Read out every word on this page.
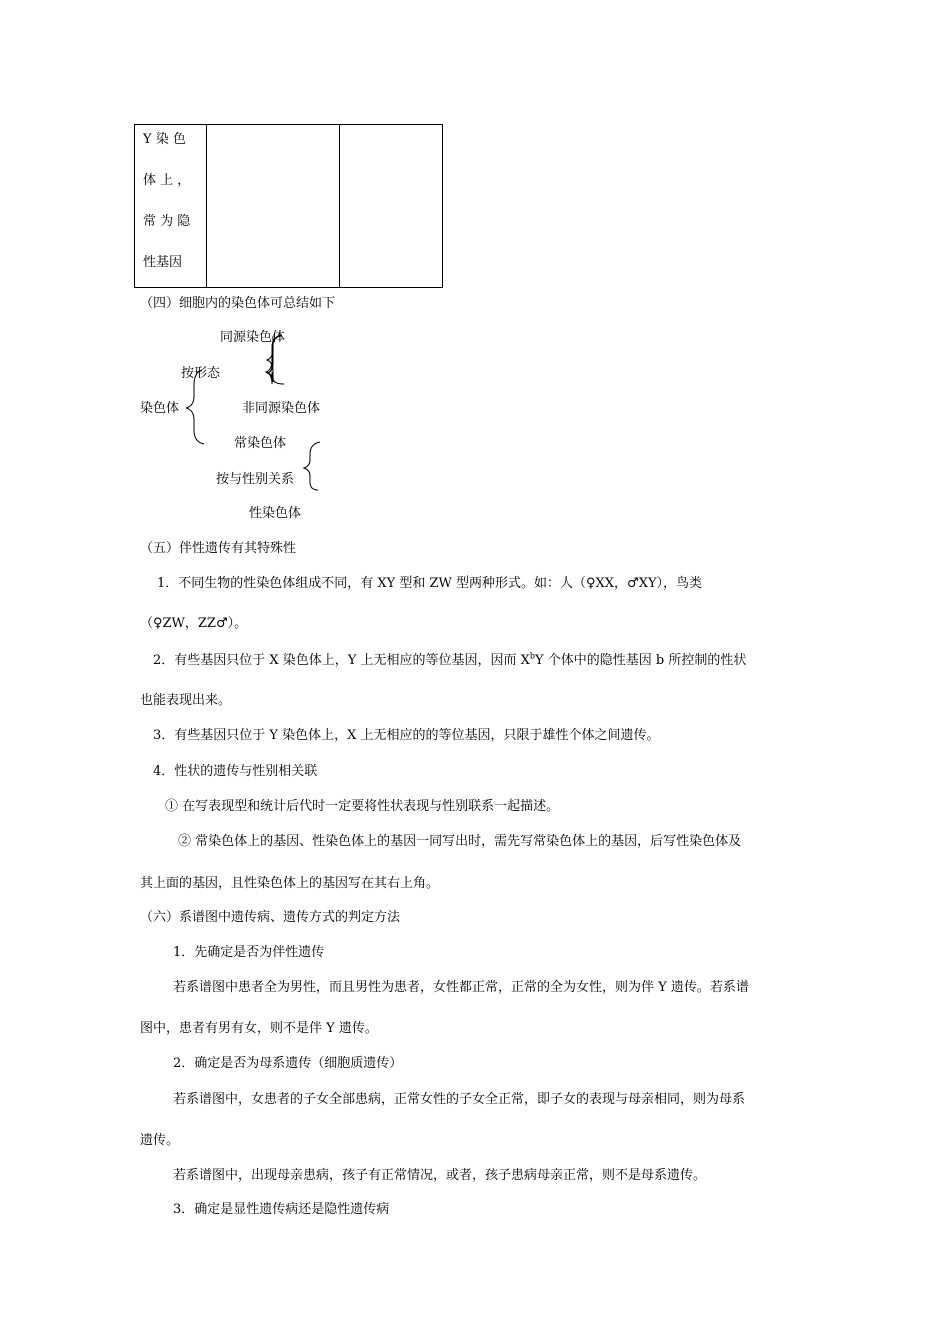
Y 染 色
体 上 ，
常 为 隐
性基因

（四）细胞内的染色体可总结如下
同源染色体
按形态
染色体	非同源染色体
常染色体
按与性别关系
性染色体
（五）伴性遗传有其特殊性
1．不同生物的性染色体组成不同，有 XY 型和 ZW 型两种形式。如：人（♀XX，♂XY），鸟类
（♀ZW，ZZ♂）。
2．有些基因只位于 X 染色体上，Y 上无相应的等位基因，因而 $X^bY$ 个体中的隐性基因 b 所控制的性状
也能表现出来。
3．有些基因只位于 Y 染色体上，X 上无相应的的等位基因，只限于雄性个体之间遗传。
4．性状的遗传与性别相关联
① 在写表现型和统计后代时一定要将性状表现与性别联系一起描述。
② 常染色体上的基因、性染色体上的基因一同写出时，需先写常染色体上的基因，后写性染色体及
其上面的基因，且性染色体上的基因写在其右上角。
（六）系谱图中遗传病、遗传方式的判定方法
1．先确定是否为伴性遗传
若系谱图中患者全为男性，而且男性为患者，女性都正常，正常的全为女性，则为伴 Y 遗传。若系谱
图中，患者有男有女，则不是伴 Y 遗传。
2．确定是否为母系遗传（细胞质遗传）
若系谱图中，女患者的子女全部患病，正常女性的子女全正常，即子女的表现与母亲相同，则为母系
遗传。
若系谱图中，出现母亲患病，孩子有正常情况，或者，孩子患病母亲正常，则不是母系遗传。
3．确定是显性遗传病还是隐性遗传病
